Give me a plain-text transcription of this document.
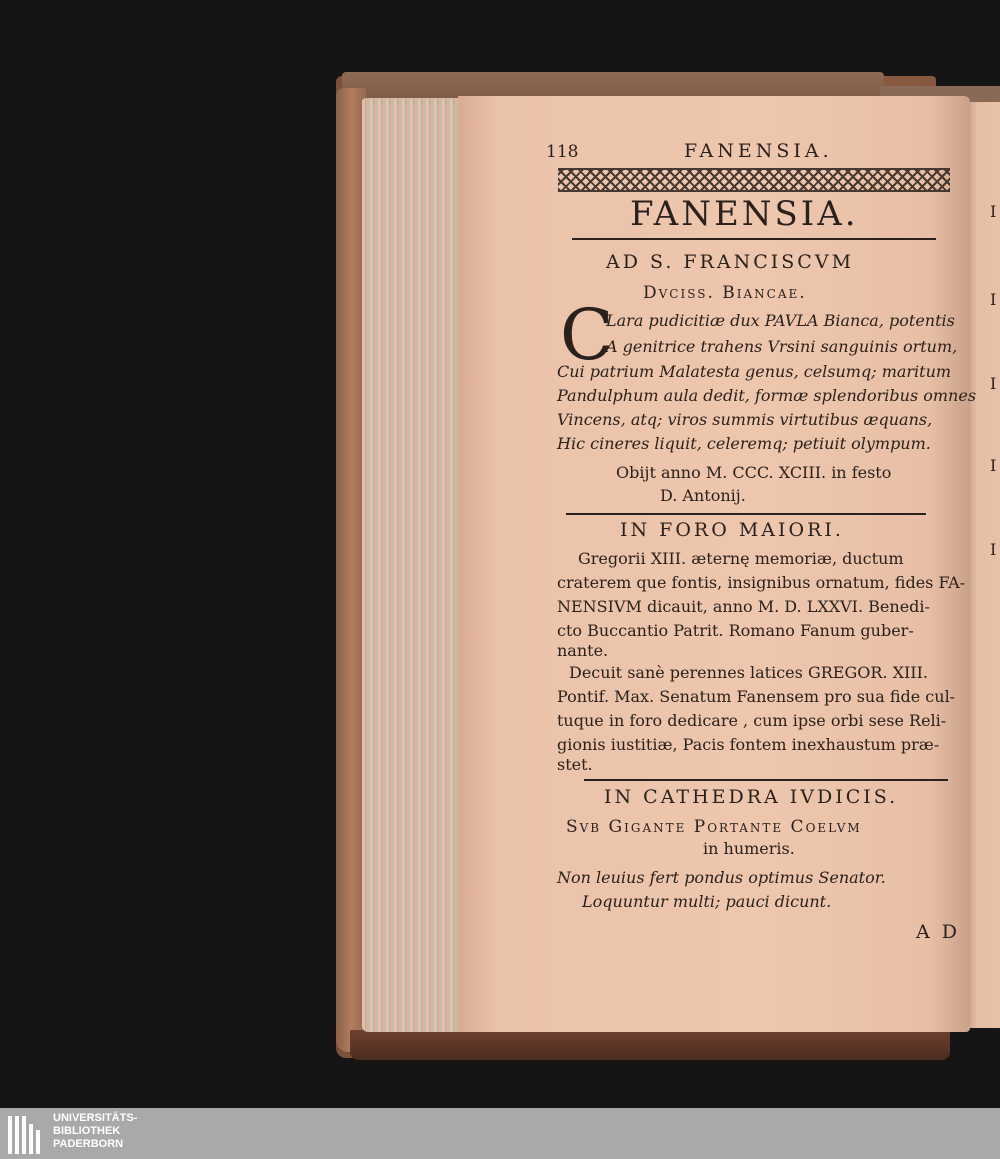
118	FANENSIA.
FANENSIA.
AD S. FRANCISCVM
Dvciss. Biancae.
C
Lara pudicitiæ dux PAVLA Bianca, potentis
A genitrice trahens Vrsini sanguinis ortum,
Cui patrium Malatesta genus, celsumq; maritum
Pandulphum aula dedit, formæ splendoribus omnes
Vincens, atq; viros summis virtutibus æquans,
Hic cineres liquit, celeremq; petiuit olympum.
Obijt anno M. CCC. XCIII. in festo
D. Antonij.
IN FORO MAIORI.
Gregorii XIII. æternę memoriæ, ductum
craterem que fontis, insignibus ornatum, fides FA-
NENSIVM dicauit, anno M. D. LXXVI. Benedi-
cto Buccantio Patrit. Romano Fanum guber-
nante.
Decuit sanè perennes latices GREGOR. XIII.
Pontif. Max. Senatum Fanensem pro sua fide cul-
tuque in foro dedicare , cum ipse orbi sese Reli-
gionis iustitiæ, Pacis fontem inexhaustum præ-
stet.
IN CATHEDRA IVDICIS.
Svb Gigante Portante Coelvm
in humeris.
Non leuius fert pondus optimus Senator.
Loquuntur multi; pauci dicunt.
A D
I
I
I
I
I
UNIVERSITÄTS-
BIBLIOTHEK
PADERBORN
